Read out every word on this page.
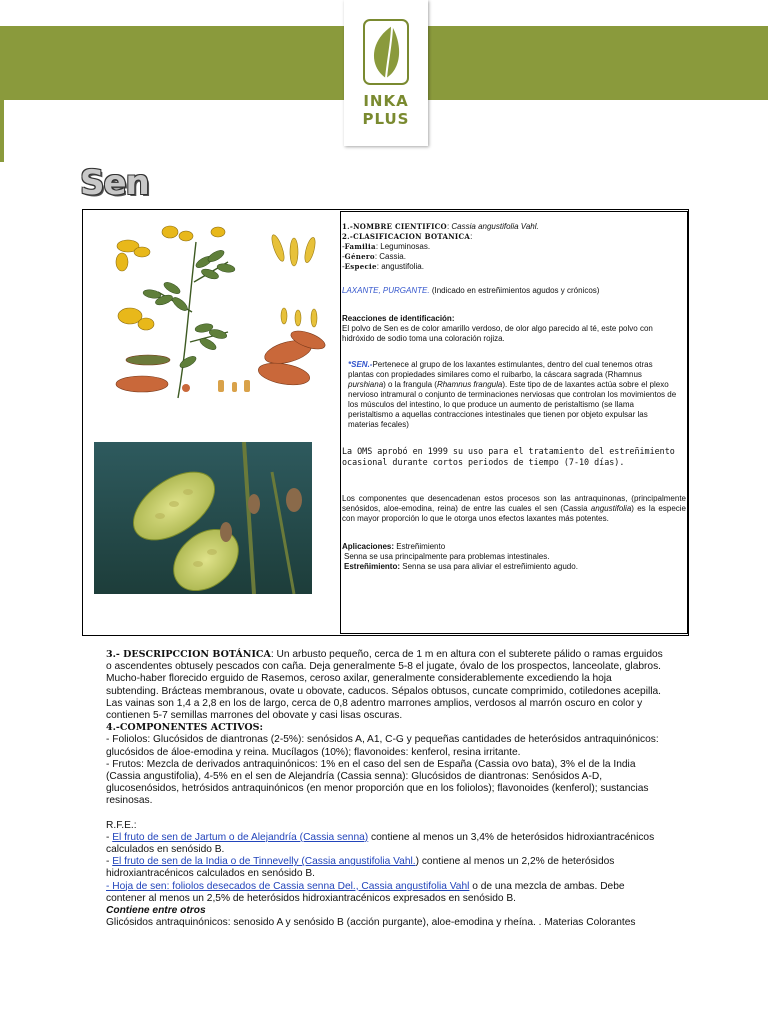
INKA
PLUS
Sen

1.-NOMBRE CIENTIFICO: Cassia angustifolia Vahl.

2.-CLASIFICACION BOTANICA:

-Familia: Leguminosas.

-Género: Cassia.

-Especie: angustifolia.

LAXANTE, PURGANTE. (Indicado en estreñimientos agudos y crónicos)

Reacciones de identificación:

El polvo de Sen es de color amarillo verdoso, de olor algo parecido al té, este polvo con hidróxido de sodio toma una coloración rojiza.

*SEN.-Pertenece al grupo de los laxantes estimulantes, dentro del cual tenemos otras plantas con propiedades similares como el ruibarbo, la cáscara sagrada (Rhamnus purshiana) o la frangula (Rhamnus frangula). Este tipo de de laxantes actúa sobre el plexo nervioso intramural o conjunto de terminaciones nerviosas que controlan los movimientos de los músculos del intestino, lo que produce un aumento de peristaltismo (se llama peristaltismo a aquellas contracciones intestinales que tienen por objeto expulsar las materias fecales)

La OMS aprobó en 1999 su uso para el tratamiento del estreñimiento ocasional durante cortos periodos de tiempo (7-10 días).

Los componentes que desencadenan estos procesos son las antraquinonas, (principalmente senósidos, aloe-emodina, reina) de entre las cuales el sen (Cassia angustifolia) es la especie con mayor proporción lo que le otorga unos efectos laxantes más potentes.

Aplicaciones: Estreñimiento

Senna se usa principalmente para problemas intestinales.

Estreñimiento: Senna se usa para aliviar el estreñimiento agudo.

3.- DESCRIPCCION BOTÁNICA: Un arbusto pequeño, cerca de 1 m en altura con el subterete pálido o ramas erguidos o ascendentes obtusely pescados con caña. Deja generalmente 5-8 el jugate, óvalo de los prospectos, lanceolate, glabros. Mucho-haber florecido erguido de Rasemos, ceroso axilar, generalmente considerablemente excediendo la hoja subtending. Brácteas membranous, ovate u obovate, caducos. Sépalos obtusos, cuncate comprimido, cotiledones acepilla. Las vainas son 1,4 a 2,8 en los de largo, cerca de 0,8 adentro marrones amplios, verdosos al marrón oscuro en color y contienen 5-7 semillas marrones del obovate y casi lisas oscuras.

4.-COMPONENTES ACTIVOS:

- Foliolos: Glucósidos de diantronas (2-5%): senósidos A, A1, C-G y pequeñas cantidades de heterósidos antraquinónicos: glucósidos de áloe-emodina y reina. Mucílagos (10%); flavonoides: kenferol, resina irritante.

- Frutos: Mezcla de derivados antraquinónicos: 1% en el caso del sen de España (Cassia ovo bata), 3% el de la India (Cassia angustifolia), 4-5% en el sen de Alejandría (Cassia senna): Glucósidos de diantronas: Senósidos A-D, glucosenósidos, hetrósidos antraquinónicos (en menor proporción que en los foliolos); flavonoides (kenferol); sustancias resinosas.

R.F.E.:

- El fruto de sen de Jartum o de Alejandría (Cassia senna) contiene al menos un 3,4% de heterósidos hidroxiantracénicos calculados en senósido B.

- El fruto de sen de la India o de Tinnevelly (Cassia angustifolia Vahl.) contiene al menos un 2,2% de heterósidos hidroxiantracénicos calculados en senósido B.

- Hoja de sen: foliolos desecados de Cassia senna Del., Cassia angustifolia Vahl o de una mezcla de ambas. Debe contener al menos un 2,5% de heterósidos hidroxiantracénicos expresados en senósido B.

Contiene entre otros

Glicósidos antraquinónicos: senosido A y senósido B (acción purgante), aloe-emodina y rheína. . Materias Colorantes
